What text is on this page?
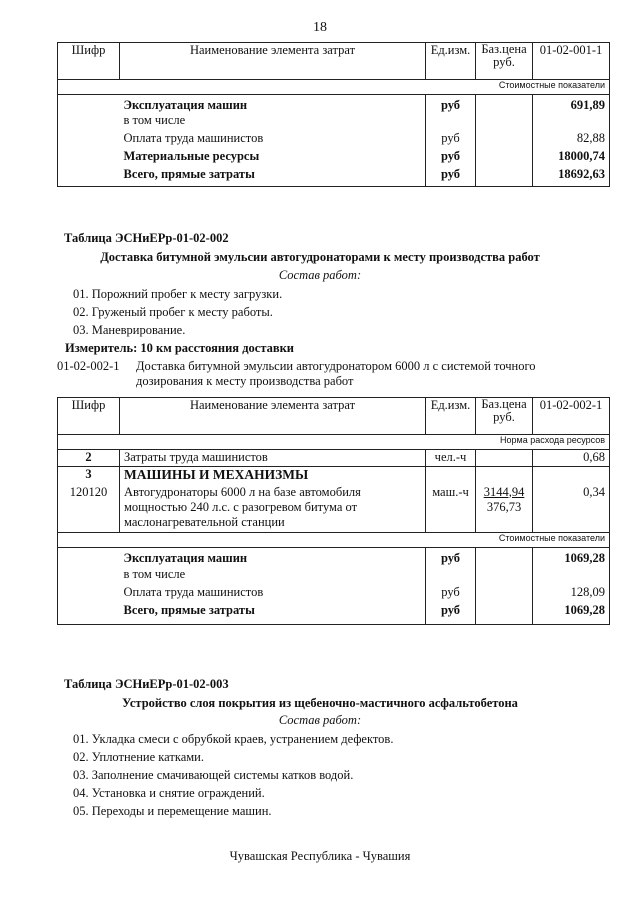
18
Шифр	Наименование элемента затрат	Ед.изм.	Баз.цена
руб.	01-02-001-1
Стоимостные показатели				
	Эксплуатация машин	руб		691,89
	в том числе			
	Оплата труда машинистов	руб		82,88
	Материальные ресурсы	руб		18000,74
	Всего, прямые затраты	руб		18692,63
Таблица ЭСНиЕРр-01-02-002
Доставка битумной эмульсии автогудронаторами к месту производства работ
Состав работ:
01. Порожний пробег к месту загрузки.
02. Груженый пробег к месту работы.
03. Маневрирование.
Измеритель: 10 км расстояния доставки
01-02-002-1 Доставка битумной эмульсии автогудронатором 6000 л с системой точного
дозирования к месту производства работ
Шифр	Наименование элемента затрат	Ед.изм.	Баз.цена
руб.	01-02-002-1
Норма расхода ресурсов				
2	Затраты труда машинистов	чел.-ч		0,68
3	МАШИНЫ И МЕХАНИЗМЫ			
120120	Автогудронаторы 6000 л на базе автомобиля
мощностью 240 л.с. с разогревом битума от
маслонагревательной станции	маш.-ч	3144,94
376,73	0,34
Стоимостные показатели				
	Эксплуатация машин	руб		1069,28
	в том числе			
	Оплата труда машинистов	руб		128,09
	Всего, прямые затраты	руб		1069,28
Таблица ЭСНиЕРр-01-02-003
Устройство слоя покрытия из щебеночно-мастичного асфальтобетона
Состав работ:
01. Укладка смеси с обрубкой краев, устранением дефектов.
02. Уплотнение катками.
03. Заполнение смачивающей системы катков водой.
04. Установка и снятие ограждений.
05. Переходы и перемещение машин.
Чувашская Республика - Чувашия
